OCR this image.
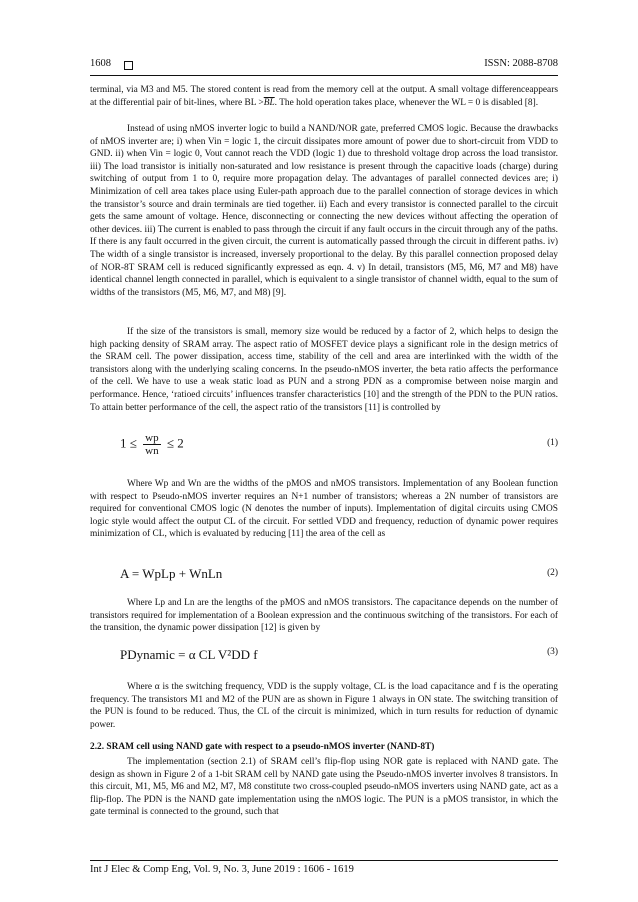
1608	ISSN: 2088-8708

terminal, via M3 and M5. The stored content is read from the memory cell at the output. A small voltage differenceappears at the differential pair of bit-lines, where BL $>\overline{BL}$. The hold operation takes place, whenever the WL = 0 is disabled [8].

Instead of using nMOS inverter logic to build a NAND/NOR gate, preferred CMOS logic. Because the drawbacks of nMOS inverter are; i) when Vin = logic 1, the circuit dissipates more amount of power due to short-circuit from VDD to GND. ii) when Vin = logic 0, Vout cannot reach the VDD (logic 1) due to threshold voltage drop across the load transistor. iii) The load transistor is initially non-saturated and low resistance is present through the capacitive loads (charge) during switching of output from 1 to 0, require more propagation delay. The advantages of parallel connected devices are; i) Minimization of cell area takes place using Euler-path approach due to the parallel connection of storage devices in which the transistor’s source and drain terminals are tied together. ii) Each and every transistor is connected parallel to the circuit gets the same amount of voltage. Hence, disconnecting or connecting the new devices without affecting the operation of other devices. iii) The current is enabled to pass through the circuit if any fault occurs in the circuit through any of the paths. If there is any fault occurred in the given circuit, the current is automatically passed through the circuit in different paths. iv) The width of a single transistor is increased, inversely proportional to the delay. By this parallel connection proposed delay of NOR-8T SRAM cell is reduced significantly expressed as eqn. 4. v) In detail, transistors (M5, M6, M7 and M8) have identical channel length connected in parallel, which is equivalent to a single transistor of channel width, equal to the sum of widths of the transistors (M5, M6, M7, and M8) [9].

If the size of the transistors is small, memory size would be reduced by a factor of 2, which helps to design the high packing density of SRAM array. The aspect ratio of MOSFET device plays a significant role in the design metrics of the SRAM cell. The power dissipation, access time, stability of the cell and area are interlinked with the width of the transistors along with the underlying scaling concerns. In the pseudo-nMOS inverter, the beta ratio affects the performance of the cell. We have to use a weak static load as PUN and a strong PDN as a compromise between noise margin and performance. Hence, ‘ratioed circuits’ influences transfer characteristics [10] and the strength of the PDN to the PUN ratios. To attain better performance of the cell, the aspect ratio of the transistors [11] is controlled by

$1 \le \frac{wp}{wn} \le 2$	(1)

Where Wp and Wn are the widths of the pMOS and nMOS transistors. Implementation of any Boolean function with respect to Pseudo-nMOS inverter requires an N+1 number of transistors; whereas a 2N number of transistors are required for conventional CMOS logic (N denotes the number of inputs). Implementation of digital circuits using CMOS logic style would affect the output CL of the circuit. For settled VDD and frequency, reduction of dynamic power requires minimization of CL, which is evaluated by reducing [11] the area of the cell as

A = WpLp + WnLn	(2)

Where Lp and Ln are the lengths of the pMOS and nMOS transistors. The capacitance depends on the number of transistors required for implementation of a Boolean expression and the continuous switching of the transistors. For each of the transition, the dynamic power dissipation [12] is given by

PDynamic = α CL V²DD f	(3)

Where α is the switching frequency, VDD is the supply voltage, CL is the load capacitance and f is the operating frequency. The transistors M1 and M2 of the PUN are as shown in Figure 1 always in ON state. The switching transition of the PUN is found to be reduced. Thus, the CL of the circuit is minimized, which in turn results for reduction of dynamic power.

2.2. SRAM cell using NAND gate with respect to a pseudo-nMOS inverter (NAND-8T)

The implementation (section 2.1) of SRAM cell’s flip-flop using NOR gate is replaced with NAND gate. The design as shown in Figure 2 of a 1-bit SRAM cell by NAND gate using the Pseudo-nMOS inverter involves 8 transistors. In this circuit, M1, M5, M6 and M2, M7, M8 constitute two cross-coupled pseudo-nMOS inverters using NAND gate, act as a flip-flop. The PDN is the NAND gate implementation using the nMOS logic. The PUN is a pMOS transistor, in which the gate terminal is connected to the ground, such that

Int J Elec & Comp Eng, Vol. 9, No. 3, June 2019 : 1606 - 1619
